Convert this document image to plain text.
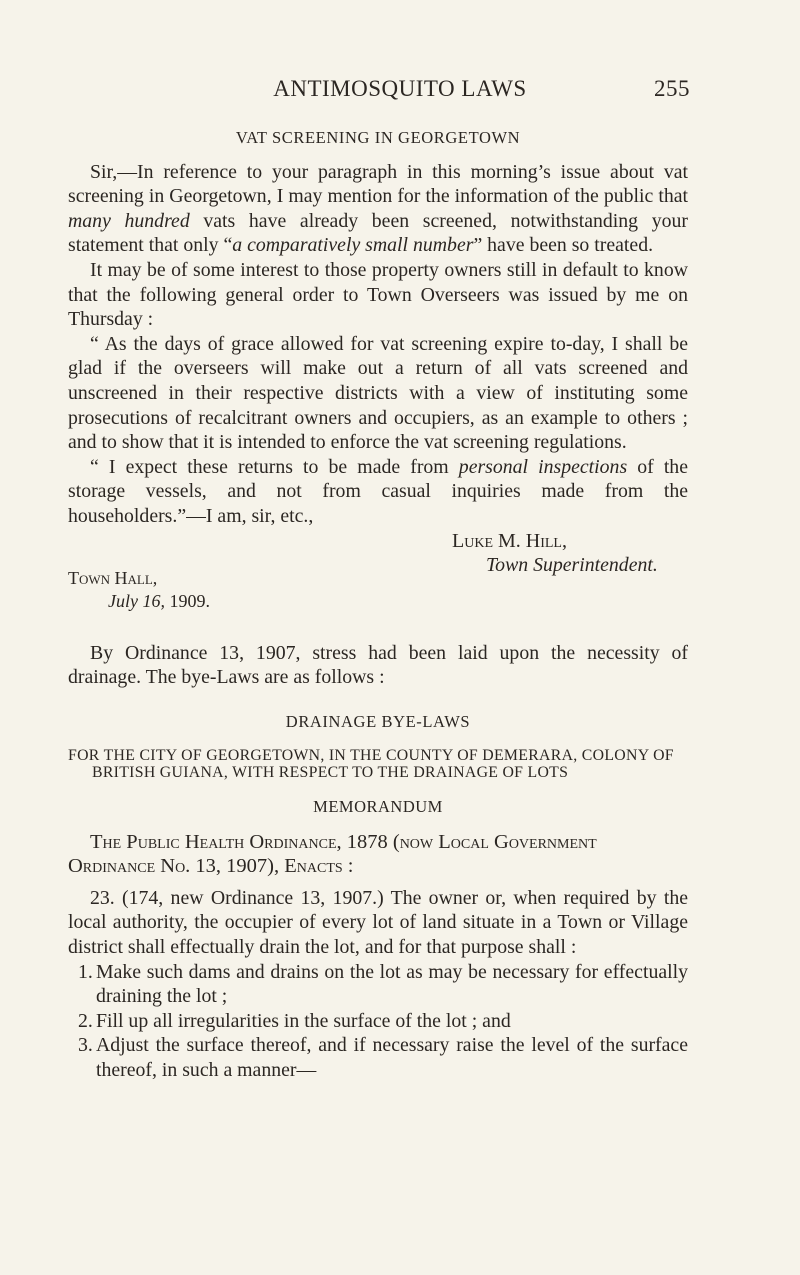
ANTIMOSQUITO LAWS	255
VAT SCREENING IN GEORGETOWN

Sir,—In reference to your paragraph in this morning’s issue about vat screening in Georgetown, I may mention for the information of the public that many hundred vats have already been screened, notwithstanding your statement that only “a comparatively small number” have been so treated.

It may be of some interest to those property owners still in default to know that the following general order to Town Overseers was issued by me on Thursday :

“ As the days of grace allowed for vat screening expire to-day, I shall be glad if the overseers will make out a return of all vats screened and unscreened in their respective districts with a view of instituting some prosecutions of recalcitrant owners and occupiers, as an example to others ; and to show that it is intended to enforce the vat screening regulations.

“ I expect these returns to be made from personal inspections of the storage vessels, and not from casual inquiries made from the householders.”—I am, sir, etc.,

Luke M. Hill,
Town Superintendent.
Town Hall,
July 16, 1909.

By Ordinance 13, 1907, stress had been laid upon the necessity of drainage. The bye-Laws are as follows :

DRAINAGE BYE-LAWS
FOR THE CITY OF GEORGETOWN, IN THE COUNTY OF DEMERARA, COLONY OF BRITISH GUIANA, WITH RESPECT TO THE DRAINAGE OF LOTS
MEMORANDUM

The Public Health Ordinance, 1878 (now Local Government Ordinance No. 13, 1907), Enacts :

23. (174, new Ordinance 13, 1907.) The owner or, when required by the local authority, the occupier of every lot of land situate in a Town or Village district shall effectually drain the lot, and for that purpose shall :

1. Make such dams and drains on the lot as may be necessary for effectually draining the lot ;
2. Fill up all irregularities in the surface of the lot ; and
3. Adjust the surface thereof, and if necessary raise the level of the surface thereof, in such a manner—
